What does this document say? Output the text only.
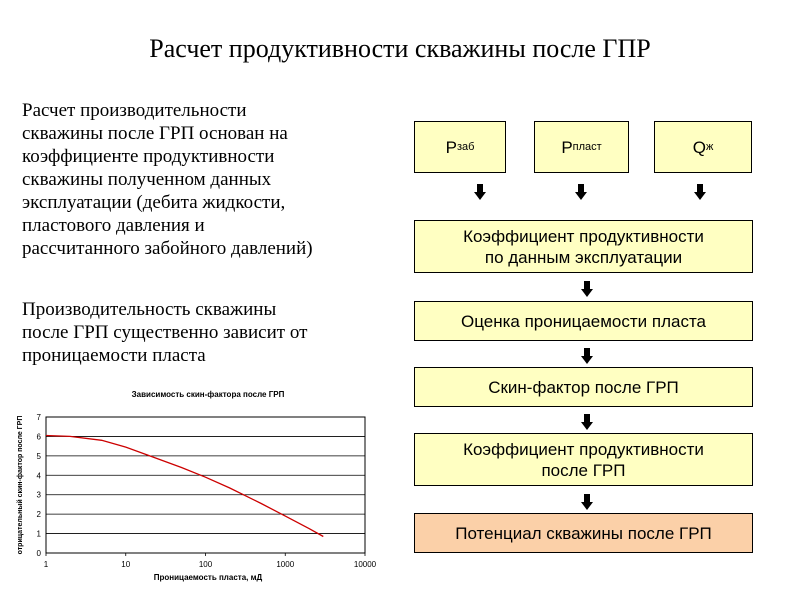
Расчет продуктивности скважины после ГПР
Расчет производительности
скважины после ГРП основан на
коэффициенте продуктивности
скважины полученном данных
эксплуатации (дебита жидкости,
пластового давления и
рассчитанного забойного давлений)
Производительность скважины
после ГРП существенно зависит от
проницаемости пласта
P заб	P пласт	Q ж
Коэффициент продуктивности
по данным эксплуатации
Оценка проницаемости пласта
Скин-фактор после ГРП
Коэффициент продуктивности
после ГРП
Потенциал скважины после ГРП
Зависимость скин-фактора после ГРП
1	10	100	1000	10000
0
1
2
3
4
5
6
7
Проницаемость пласта, мД
отрицательный скин-фактор после ГРП
